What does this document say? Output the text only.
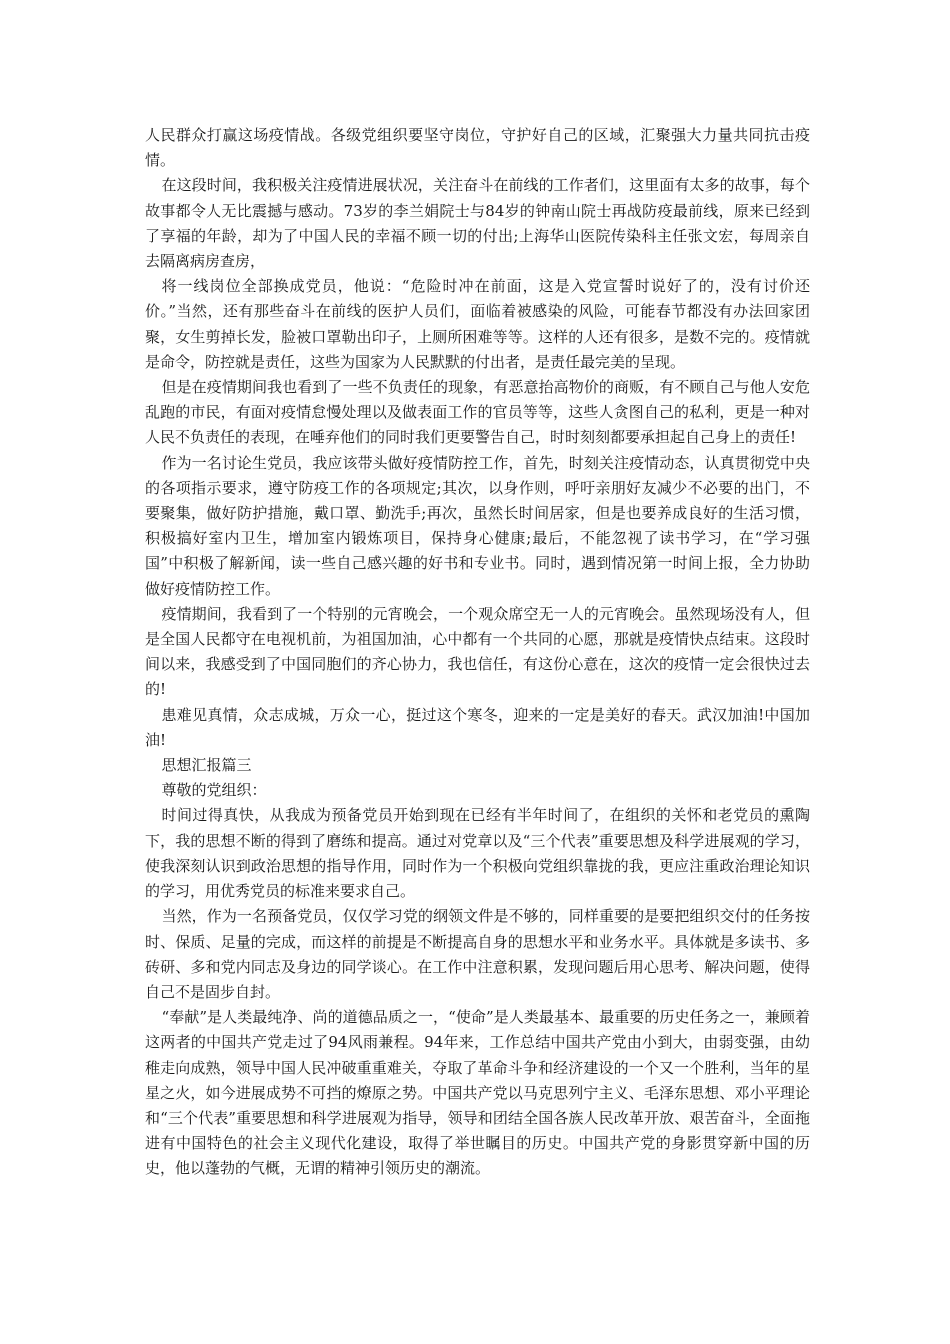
人民群众打赢这场疫情战。各级党组织要坚守岗位，守护好自己的区域，汇聚强大力量共同抗击疫情。

在这段时间，我积极关注疫情进展状况，关注奋斗在前线的工作者们，这里面有太多的故事，每个故事都令人无比震撼与感动。73岁的李兰娟院士与84岁的钟南山院士再战防疫最前线，原来已经到了享福的年龄，却为了中国人民的幸福不顾一切的付出;上海华山医院传染科主任张文宏，每周亲自去隔离病房查房，

将一线岗位全部换成党员，他说：“危险时冲在前面，这是入党宣誓时说好了的，没有讨价还价。”当然，还有那些奋斗在前线的医护人员们，面临着被感染的风险，可能春节都没有办法回家团聚，女生剪掉长发，脸被口罩勒出印子，上厕所困难等等。这样的人还有很多，是数不完的。疫情就是命令，防控就是责任，这些为国家为人民默默的付出者，是责任最完美的呈现。

但是在疫情期间我也看到了一些不负责任的现象，有恶意抬高物价的商贩，有不顾自己与他人安危乱跑的市民，有面对疫情怠慢处理以及做表面工作的官员等等，这些人贪图自己的私利，更是一种对人民不负责任的表现，在唾弃他们的同时我们更要警告自己，时时刻刻都要承担起自己身上的责任!

作为一名讨论生党员，我应该带头做好疫情防控工作，首先，时刻关注疫情动态，认真贯彻党中央的各项指示要求，遵守防疫工作的各项规定;其次，以身作则，呼吁亲朋好友减少不必要的出门，不要聚集，做好防护措施，戴口罩、勤洗手;再次，虽然长时间居家，但是也要养成良好的生活习惯，积极搞好室内卫生，增加室内锻炼项目，保持身心健康;最后，不能忽视了读书学习，在“学习强国”中积极了解新闻，读一些自己感兴趣的好书和专业书。同时，遇到情况第一时间上报，全力协助做好疫情防控工作。

疫情期间，我看到了一个特别的元宵晚会，一个观众席空无一人的元宵晚会。虽然现场没有人，但是全国人民都守在电视机前，为祖国加油，心中都有一个共同的心愿，那就是疫情快点结束。这段时间以来，我感受到了中国同胞们的齐心协力，我也信任，有这份心意在，这次的疫情一定会很快过去的!

患难见真情，众志成城，万众一心，挺过这个寒冬，迎来的一定是美好的春天。武汉加油!中国加油!

思想汇报篇三

尊敬的党组织：

时间过得真快，从我成为预备党员开始到现在已经有半年时间了，在组织的关怀和老党员的熏陶下，我的思想不断的得到了磨练和提高。通过对党章以及“三个代表”重要思想及科学进展观的学习，使我深刻认识到政治思想的指导作用，同时作为一个积极向党组织靠拢的我，更应注重政治理论知识的学习，用优秀党员的标准来要求自己。

当然，作为一名预备党员，仅仅学习党的纲领文件是不够的，同样重要的是要把组织交付的任务按时、保质、足量的完成，而这样的前提是不断提高自身的思想水平和业务水平。具体就是多读书、多砖研、多和党内同志及身边的同学谈心。在工作中注意积累，发现问题后用心思考、解决问题，使得自己不是固步自封。

“奉献”是人类最纯净、尚的道德品质之一，“使命”是人类最基本、最重要的历史任务之一，兼顾着这两者的中国共产党走过了94风雨兼程。94年来，工作总结中国共产党由小到大，由弱变强，由幼稚走向成熟，领导中国人民冲破重重难关，夺取了革命斗争和经济建设的一个又一个胜利，当年的星星之火，如今进展成势不可挡的燎原之势。中国共产党以马克思列宁主义、毛泽东思想、邓小平理论和“三个代表”重要思想和科学进展观为指导，领导和团结全国各族人民改革开放、艰苦奋斗，全面拖进有中国特色的社会主义现代化建设，取得了举世瞩目的历史。中国共产党的身影贯穿新中国的历史，他以蓬勃的气概，无谓的精神引领历史的潮流。
